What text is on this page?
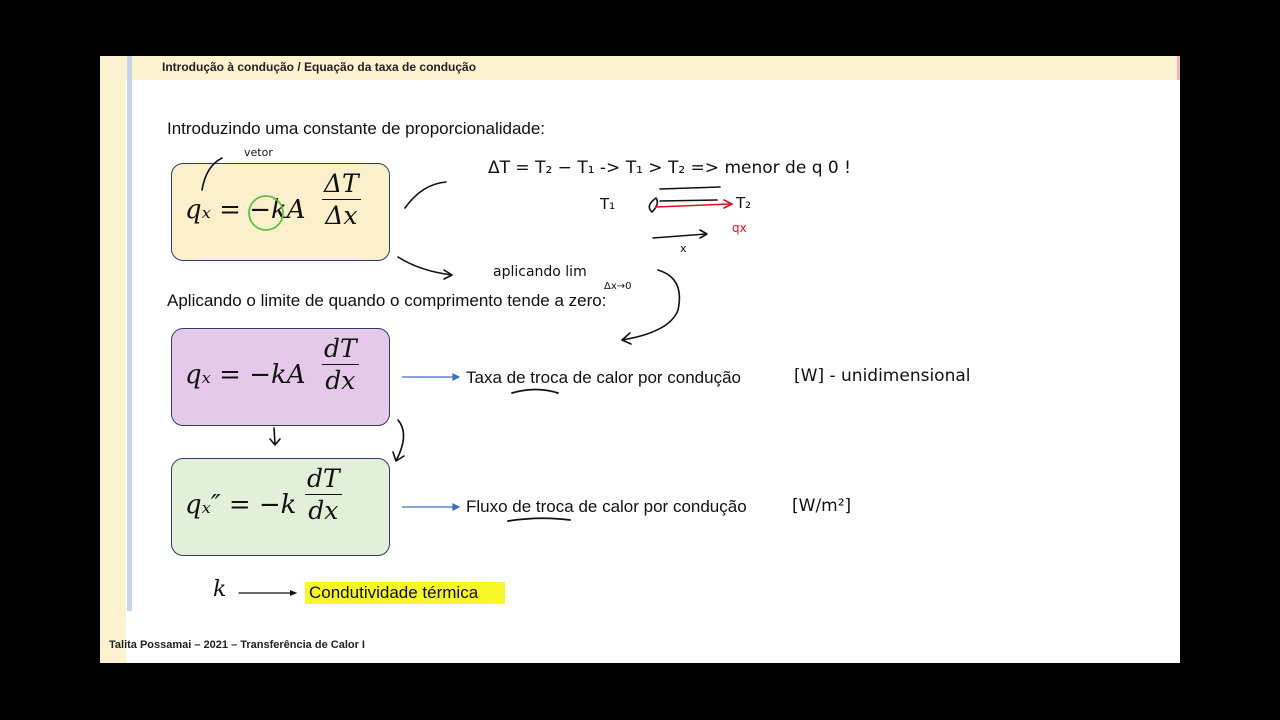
Introdução à condução / Equação da taxa de condução
Introduzindo uma constante de proporcionalidade:
$q_x = -kA \frac{\Delta T}{\Delta x}$
Aplicando o limite de quando o comprimento tende a zero:
$q_x = -kA \frac{dT}{dx}$	Taxa de troca de calor por condução
$q_x'' = -k \frac{dT}{dx}$	Fluxo de troca de calor por condução
k	Condutividade térmica
vetor
ΔT = T₂ − T₁ -> T₁ > T₂ => menor de q 0 !
T₁	T₂
qx
x
aplicando lim
Δx→0
[W] - unidimensional
[W/m²]
Talita Possamai – 2021 – Transferência de Calor I
